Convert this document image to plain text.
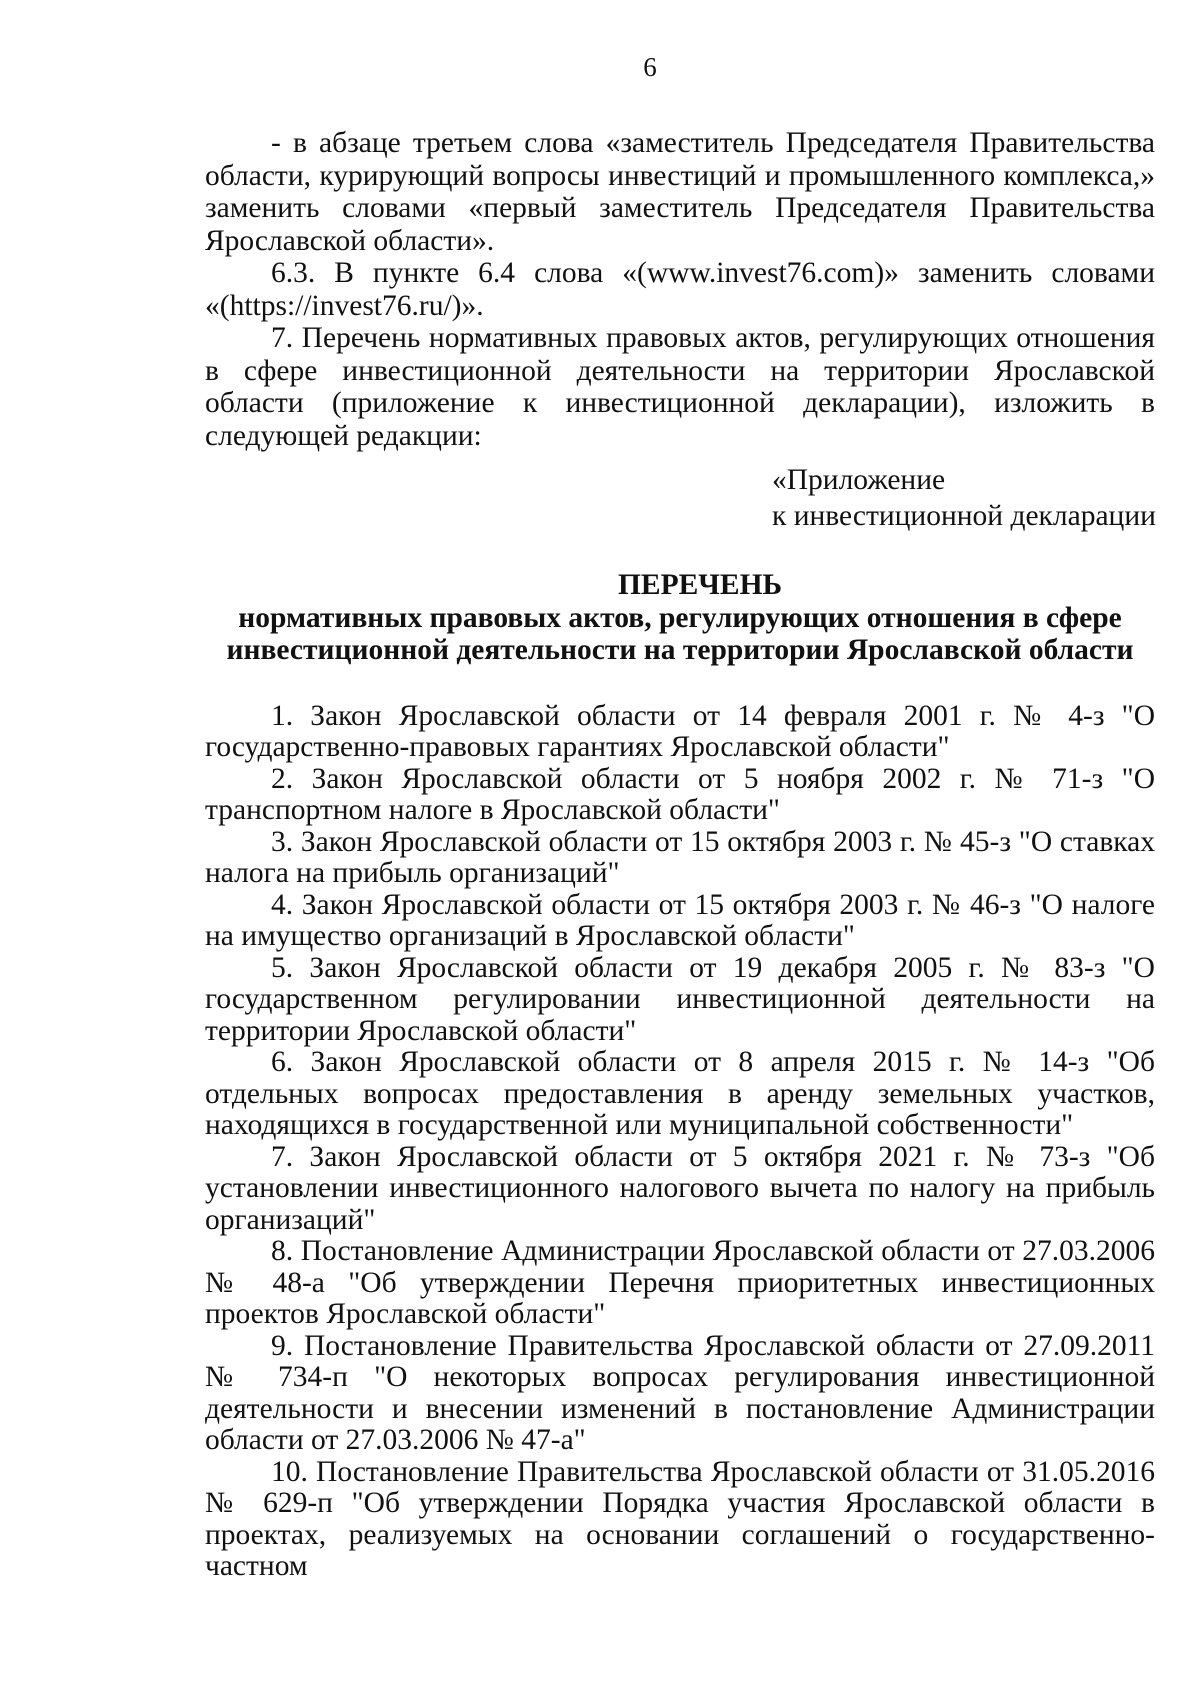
6

- в абзаце третьем слова «заместитель Председателя Правительства области, курирующий вопросы инвестиций и промышленного комплекса,» заменить словами «первый заместитель Председателя Правительства Ярославской области».

6.3. В пункте 6.4 слова «(www.invest76.com)» заменить словами «(https://invest76.ru/)».

7. Перечень нормативных правовых актов, регулирующих отношения в сфере инвестиционной деятельности на территории Ярославской области (приложение к инвестиционной декларации), изложить в следующей редакции:

«Приложение
к инвестиционной декларации
ПЕРЕЧЕНЬ
нормативных правовых актов, регулирующих отношения в сфере
инвестиционной деятельности на территории Ярославской области

1. Закон Ярославской области от 14 февраля 2001 г. № 4-з "О государственно-правовых гарантиях Ярославской области"

2. Закон Ярославской области от 5 ноября 2002 г. № 71-з "О транспортном налоге в Ярославской области"

3. Закон Ярославской области от 15 октября 2003 г. № 45-з "О ставках налога на прибыль организаций"

4. Закон Ярославской области от 15 октября 2003 г. № 46-з "О налоге на имущество организаций в Ярославской области"

5. Закон Ярославской области от 19 декабря 2005 г. № 83-з "О государственном регулировании инвестиционной деятельности на территории Ярославской области"

6. Закон Ярославской области от 8 апреля 2015 г. № 14-з "Об отдельных вопросах предоставления в аренду земельных участков, находящихся в государственной или муниципальной собственности"

7. Закон Ярославской области от 5 октября 2021 г. № 73-з "Об установлении инвестиционного налогового вычета по налогу на прибыль организаций"

8. Постановление Администрации Ярославской области от 27.03.2006 № 48-а "Об утверждении Перечня приоритетных инвестиционных проектов Ярославской области"

9. Постановление Правительства Ярославской области от 27.09.2011 № 734-п "О некоторых вопросах регулирования инвестиционной деятельности и внесении изменений в постановление Администрации области от 27.03.2006 № 47-а"

10. Постановление Правительства Ярославской области от 31.05.2016 № 629-п "Об утверждении Порядка участия Ярославской области в проектах, реализуемых на основании соглашений о государственно-частном
